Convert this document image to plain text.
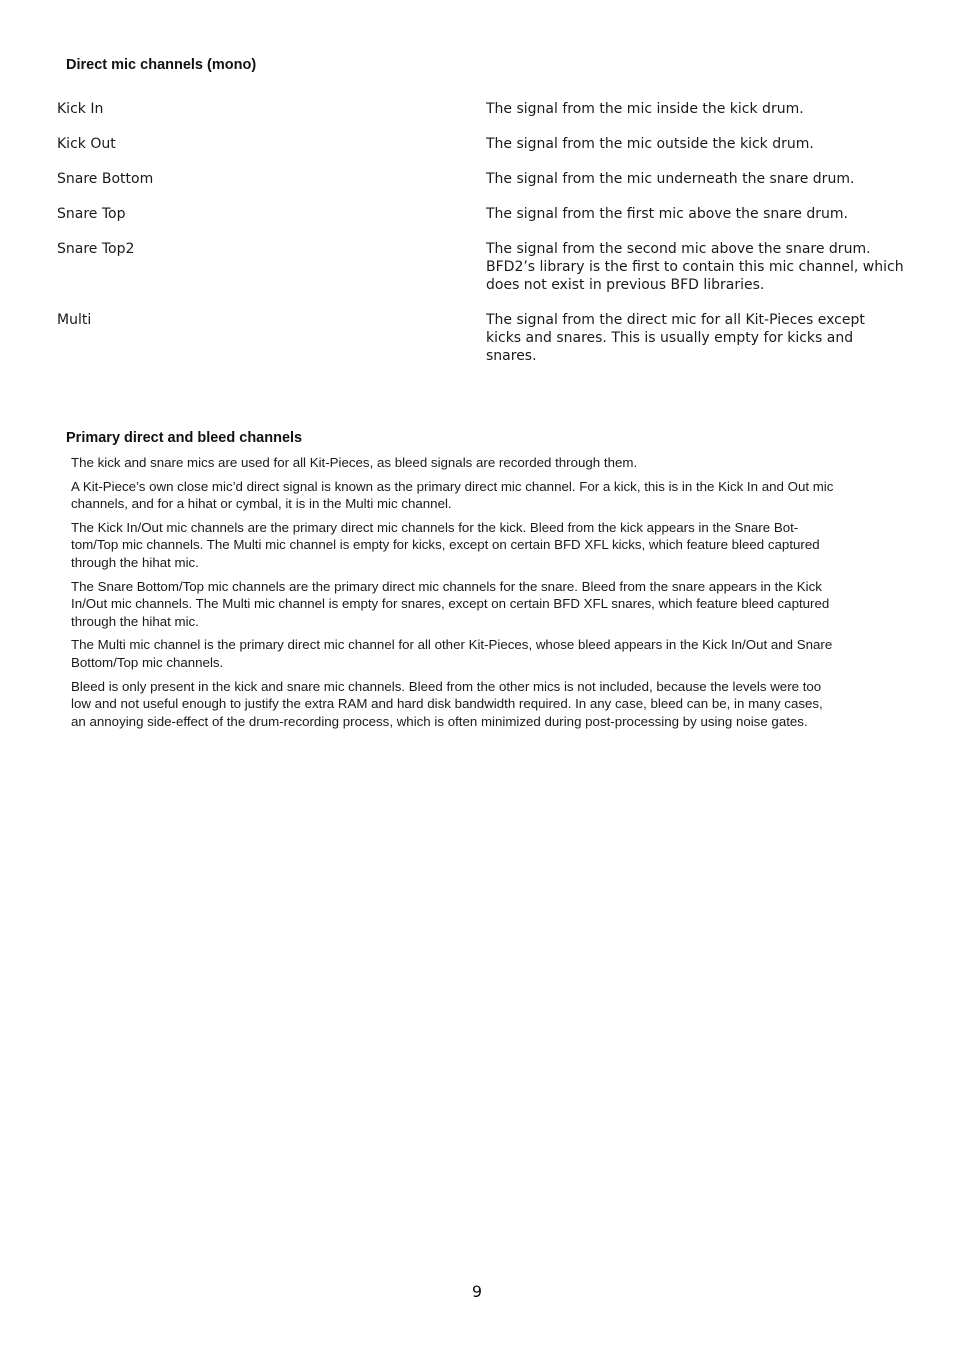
Direct mic channels (mono)
Kick In	The signal from the mic inside the kick drum.
Kick Out	The signal from the mic outside the kick drum.
Snare Bottom	The signal from the mic underneath the snare drum.
Snare Top	The signal from the first mic above the snare drum.
Snare Top2	The signal from the second mic above the snare drum.
BFD2’s library is the first to contain this mic channel, which
does not exist in previous BFD libraries.
Multi	The signal from the direct mic for all Kit-Pieces except
kicks and snares. This is usually empty for kicks and snares.
Primary direct and bleed channels

The kick and snare mics are used for all Kit-Pieces, as bleed signals are recorded through them.

A Kit-Piece’s own close mic’d direct signal is known as the primary direct mic channel. For a kick, this is in the Kick In and Out mic
channels, and for a hihat or cymbal, it is in the Multi mic channel.

The Kick In/Out mic channels are the primary direct mic channels for the kick. Bleed from the kick appears in the Snare Bot-
tom/Top mic channels. The Multi mic channel is empty for kicks, except on certain BFD XFL kicks, which feature bleed captured
through the hihat mic.

The Snare Bottom/Top mic channels are the primary direct mic channels for the snare. Bleed from the snare appears in the Kick
In/Out mic channels. The Multi mic channel is empty for snares, except on certain BFD XFL snares, which feature bleed captured
through the hihat mic.

The Multi mic channel is the primary direct mic channel for all other Kit-Pieces, whose bleed appears in the Kick In/Out and Snare
Bottom/Top mic channels.

Bleed is only present in the kick and snare mic channels. Bleed from the other mics is not included, because the levels were too
low and not useful enough to justify the extra RAM and hard disk bandwidth required. In any case, bleed can be, in many cases,
an annoying side-effect of the drum-recording process, which is often minimized during post-processing by using noise gates.

9
